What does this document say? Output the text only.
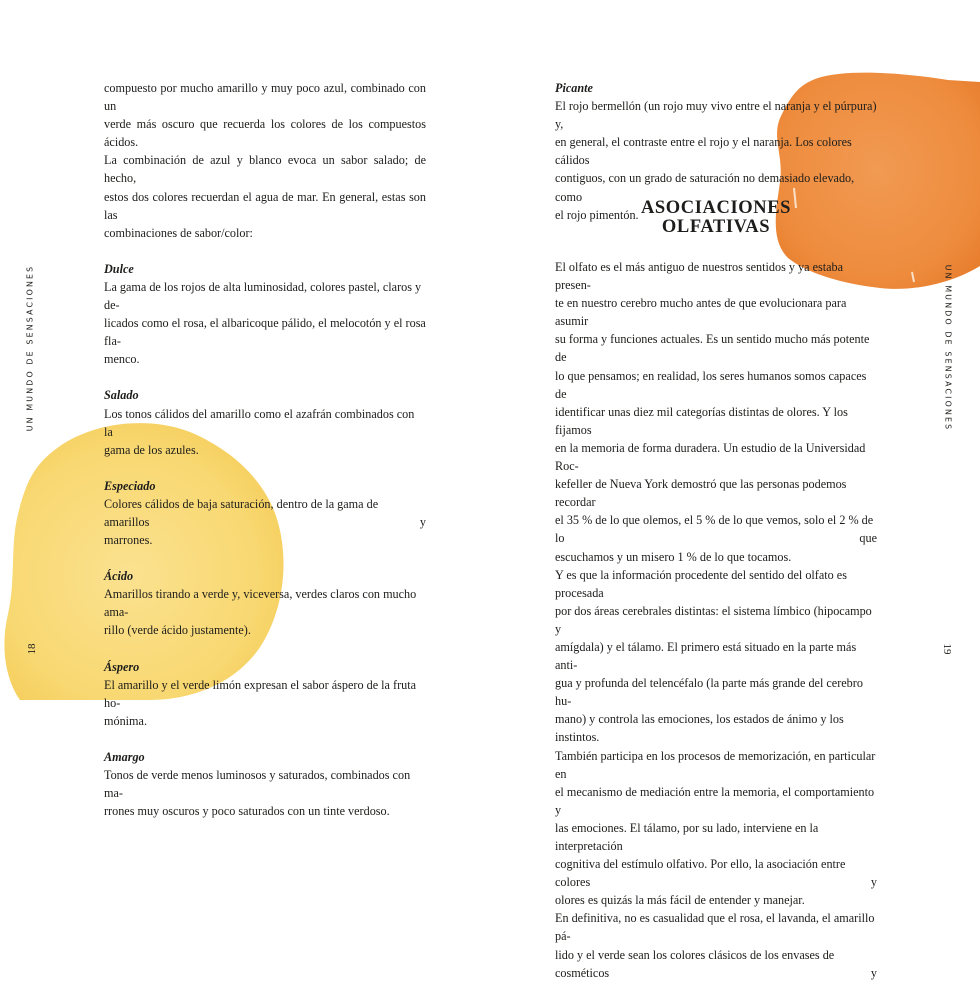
UN MUNDO DE SENSACIONES	UN MUNDO DE SENSACIONES
18	19
compuesto por mucho amarillo y muy poco azul, combinado con un
verde más oscuro que recuerda los colores de los compuestos ácidos.
La combinación de azul y blanco evoca un sabor salado; de hecho,
estos dos colores recuerdan el agua de mar. En general, estas son las
combinaciones de sabor/color:
Dulce
La gama de los rojos de alta luminosidad, colores pastel, claros y de-
licados como el rosa, el albaricoque pálido, el melocotón y el rosa fla-
menco.
Salado
Los tonos cálidos del amarillo como el azafrán combinados con la
gama de los azules.
Especiado
Colores cálidos de baja saturación, dentro de la gama de amarillos y
marrones.
Ácido
Amarillos tirando a verde y, viceversa, verdes claros con mucho ama-
rillo (verde ácido justamente).
Áspero
El amarillo y el verde limón expresan el sabor áspero de la fruta ho-
mónima.
Amargo
Tonos de verde menos luminosos y saturados, combinados con ma-
rrones muy oscuros y poco saturados con un tinte verdoso.
Picante
El rojo bermellón (un rojo muy vivo entre el naranja y el púrpura) y,
en general, el contraste entre el rojo y el naranja. Los colores cálidos
contiguos, con un grado de saturación no demasiado elevado, como
el rojo pimentón. ASOCIACIONES
OLFATIVAS
El olfato es el más antiguo de nuestros sentidos y ya estaba presen-
te en nuestro cerebro mucho antes de que evolucionara para asumir
su forma y funciones actuales. Es un sentido mucho más potente de
lo que pensamos; en realidad, los seres humanos somos capaces de
identificar unas diez mil categorías distintas de olores. Y los fijamos
en la memoria de forma duradera. Un estudio de la Universidad Roc-
kefeller de Nueva York demostró que las personas podemos recordar
el 35 % de lo que olemos, el 5 % de lo que vemos, solo el 2 % de lo que
escuchamos y un misero 1 % de lo que tocamos.
Y es que la información procedente del sentido del olfato es procesada
por dos áreas cerebrales distintas: el sistema límbico (hipocampo y
amígdala) y el tálamo. El primero está situado en la parte más anti-
gua y profunda del telencéfalo (la parte más grande del cerebro hu-
mano) y controla las emociones, los estados de ánimo y los instintos.
También participa en los procesos de memorización, en particular en
el mecanismo de mediación entre la memoria, el comportamiento y
las emociones. El tálamo, por su lado, interviene en la interpretación
cognitiva del estímulo olfativo. Por ello, la asociación entre colores y
olores es quizás la más fácil de entender y manejar.
En definitiva, no es casualidad que el rosa, el lavanda, el amarillo pá-
lido y el verde sean los colores clásicos de los envases de cosméticos y
